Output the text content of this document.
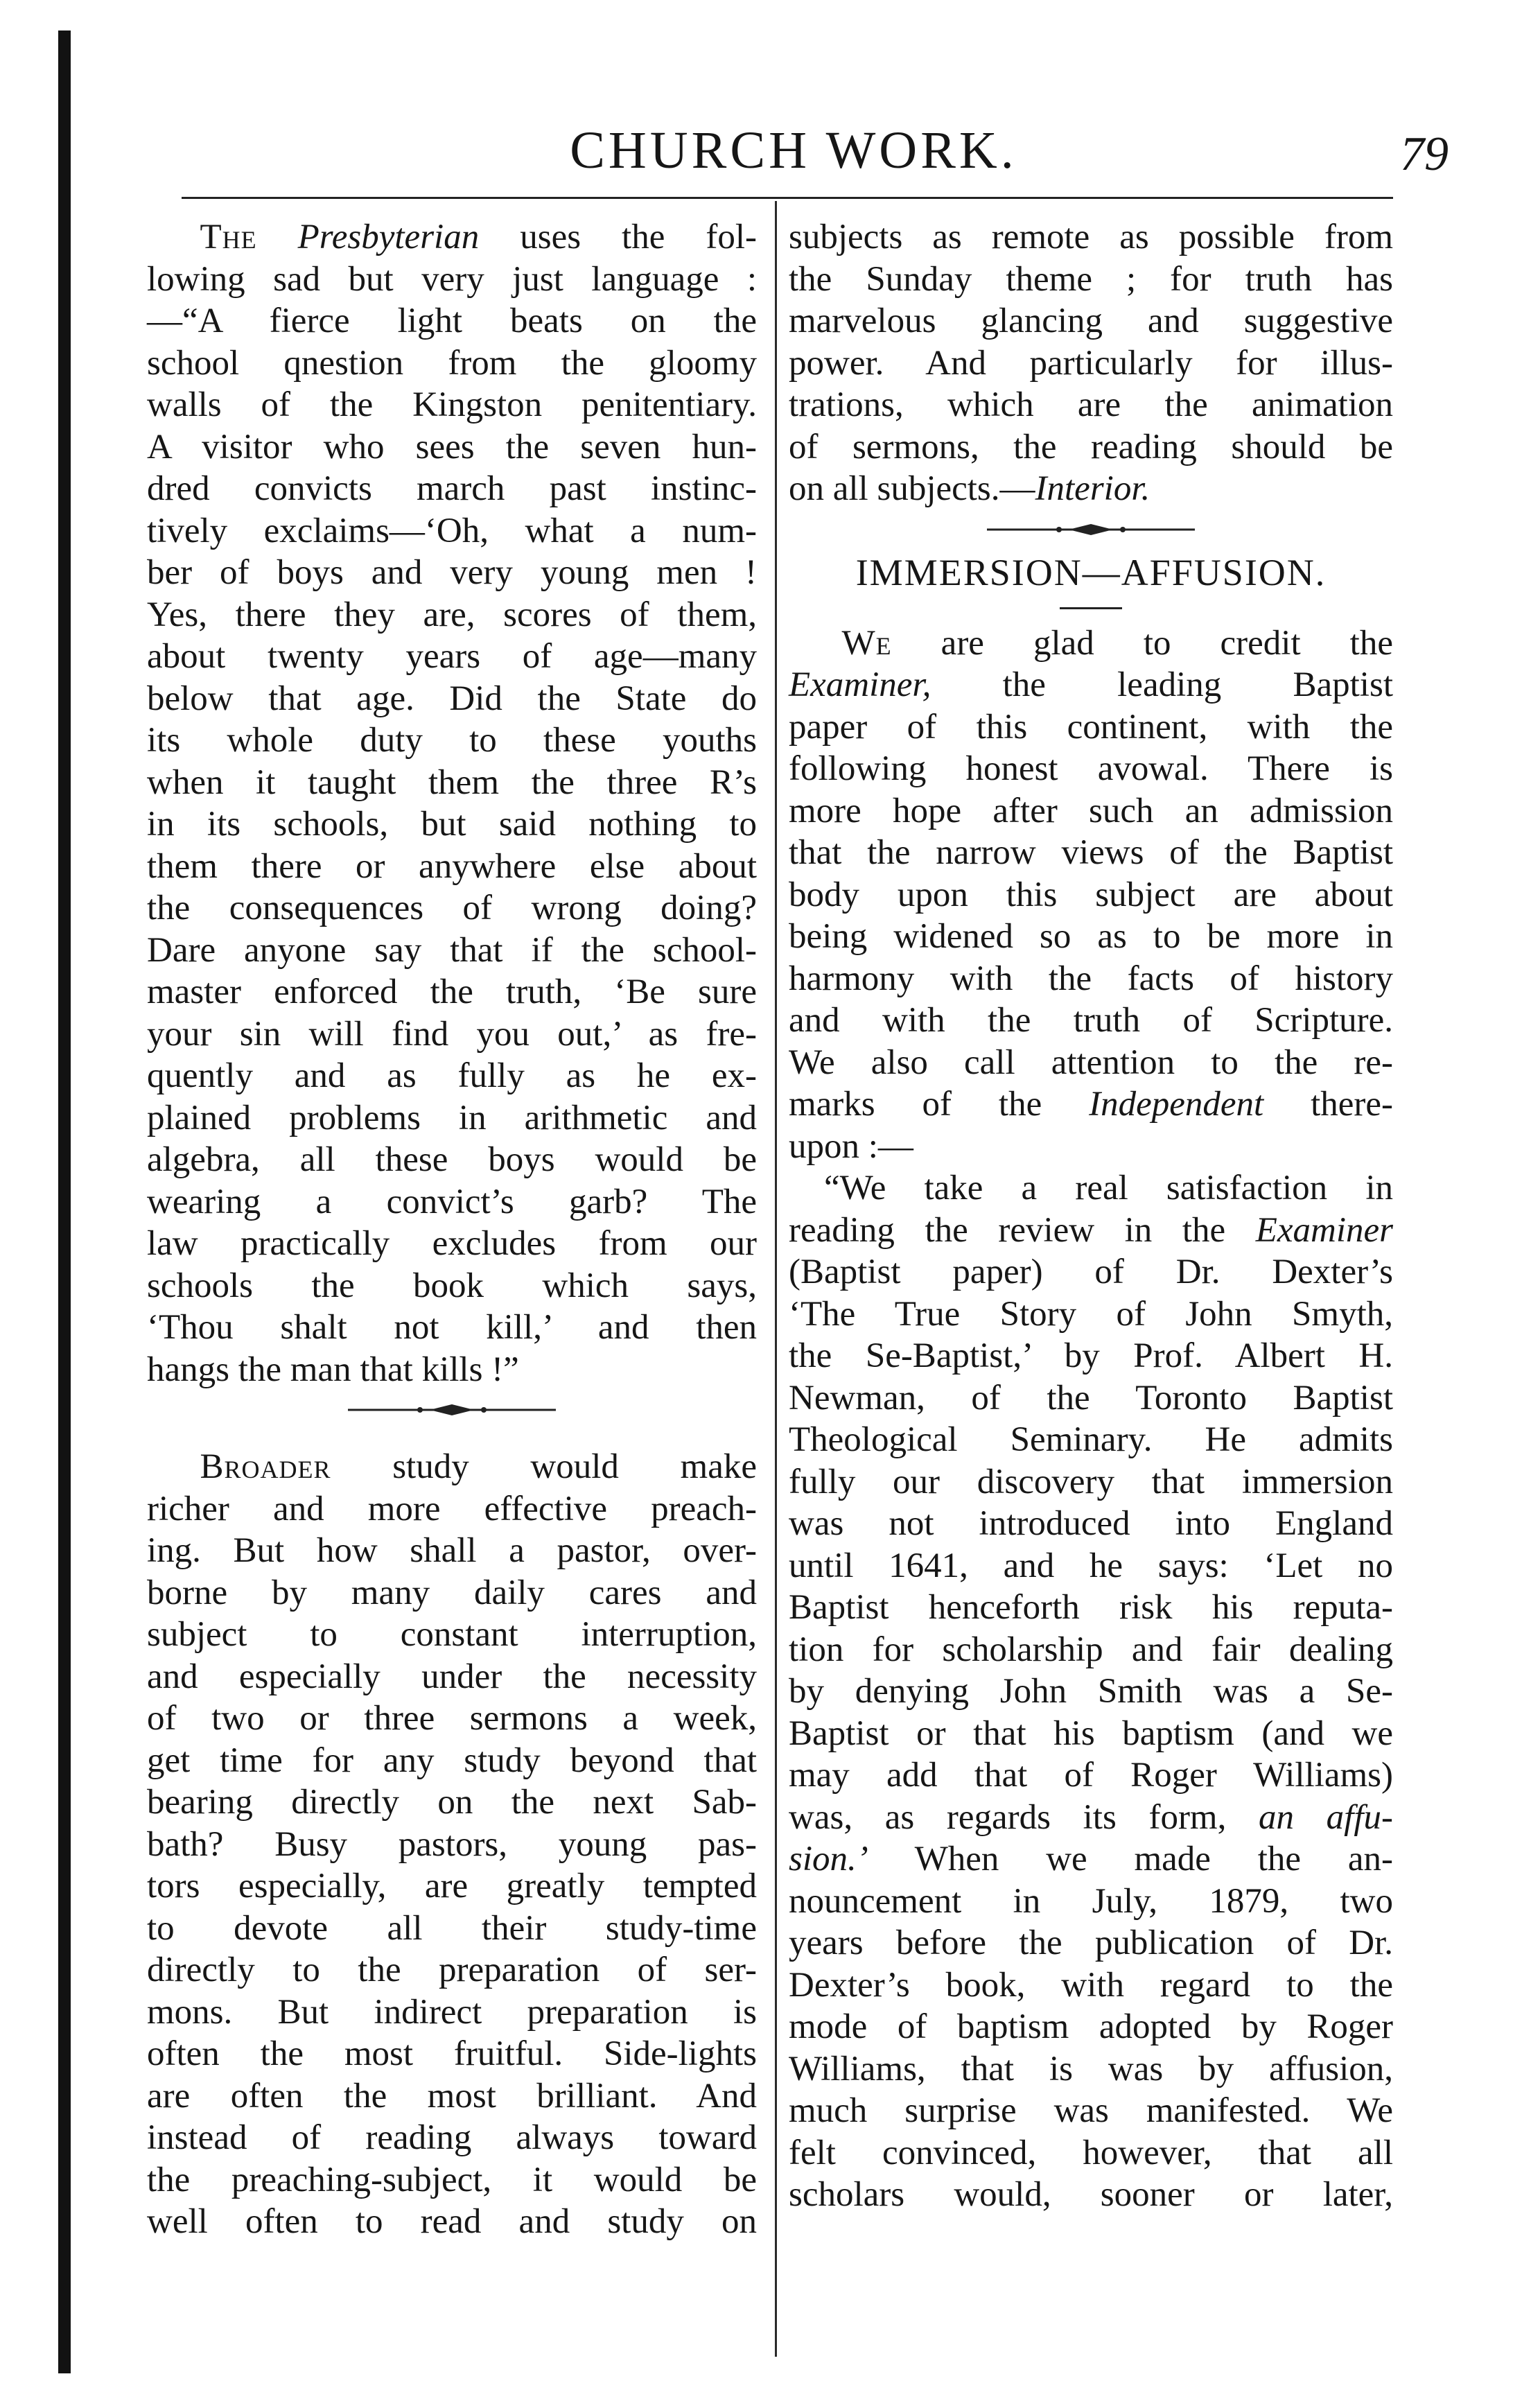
CHURCH WORK.	79
  The Presbyterian uses the fol-
lowing sad but very just language :
—“A fierce light beats on the
school qnestion from the gloomy
walls of the Kingston penitentiary.
A visitor who sees the seven hun-
dred convicts march past instinc-
tively exclaims—‘Oh, what a num-
ber of boys and very young men !
Yes, there they are, scores of them,
about twenty years of age—many
below that age. Did the State do
its whole duty to these youths
when it taught them the three R’s
in its schools, but said nothing to
them there or anywhere else about
the consequences of wrong doing?
Dare anyone say that if the school-
master enforced the truth, ‘Be sure
your sin will find you out,’ as fre-
quently and as fully as he ex-
plained problems in arithmetic and
algebra, all these boys would be
wearing a convict’s garb? The
law practically excludes from our
schools the book which says,
‘Thou shalt not kill,’ and then
hangs the man that kills !”
  Broader study would make
richer and more effective preach-
ing. But how shall a pastor, over-
borne by many daily cares and
subject to constant interruption,
and especially under the necessity
of two or three sermons a week,
get time for any study beyond that
bearing directly on the next Sab-
bath? Busy pastors, young pas-
tors especially, are greatly tempted
to devote all their study-time
directly to the preparation of ser-
mons. But indirect preparation is
often the most fruitful. Side-lights
are often the most brilliant. And
instead of reading always toward
the preaching-subject, it would be
well often to read and study on
subjects as remote as possible from
the Sunday theme ; for truth has
marvelous glancing and suggestive
power. And particularly for illus-
trations, which are the animation
of sermons, the reading should be
on all subjects.—Interior.
IMMERSION—AFFUSION.
  We are glad to credit the
Examiner, the leading Baptist
paper of this continent, with the
following honest avowal. There is
more hope after such an admission
that the narrow views of the Baptist
body upon this subject are about
being widened so as to be more in
harmony with the facts of history
and with the truth of Scripture.
We also call attention to the re-
marks of the Independent there-
upon :—
 “We take a real satisfaction in
reading the review in the Examiner
(Baptist paper) of Dr. Dexter’s
‘The True Story of John Smyth,
the Se-Baptist,’ by Prof. Albert H.
Newman, of the Toronto Baptist
Theological Seminary. He admits
fully our discovery that immersion
was not introduced into England
until 1641, and he says: ‘Let no
Baptist henceforth risk his reputa-
tion for scholarship and fair dealing
by denying John Smith was a Se-
Baptist or that his baptism (and we
may add that of Roger Williams)
was, as regards its form, an affu-
sion.’ When we made the an-
nouncement in July, 1879, two
years before the publication of Dr.
Dexter’s book, with regard to the
mode of baptism adopted by Roger
Williams, that is was by affusion,
much surprise was manifested. We
felt convinced, however, that all
scholars would, sooner or later,
